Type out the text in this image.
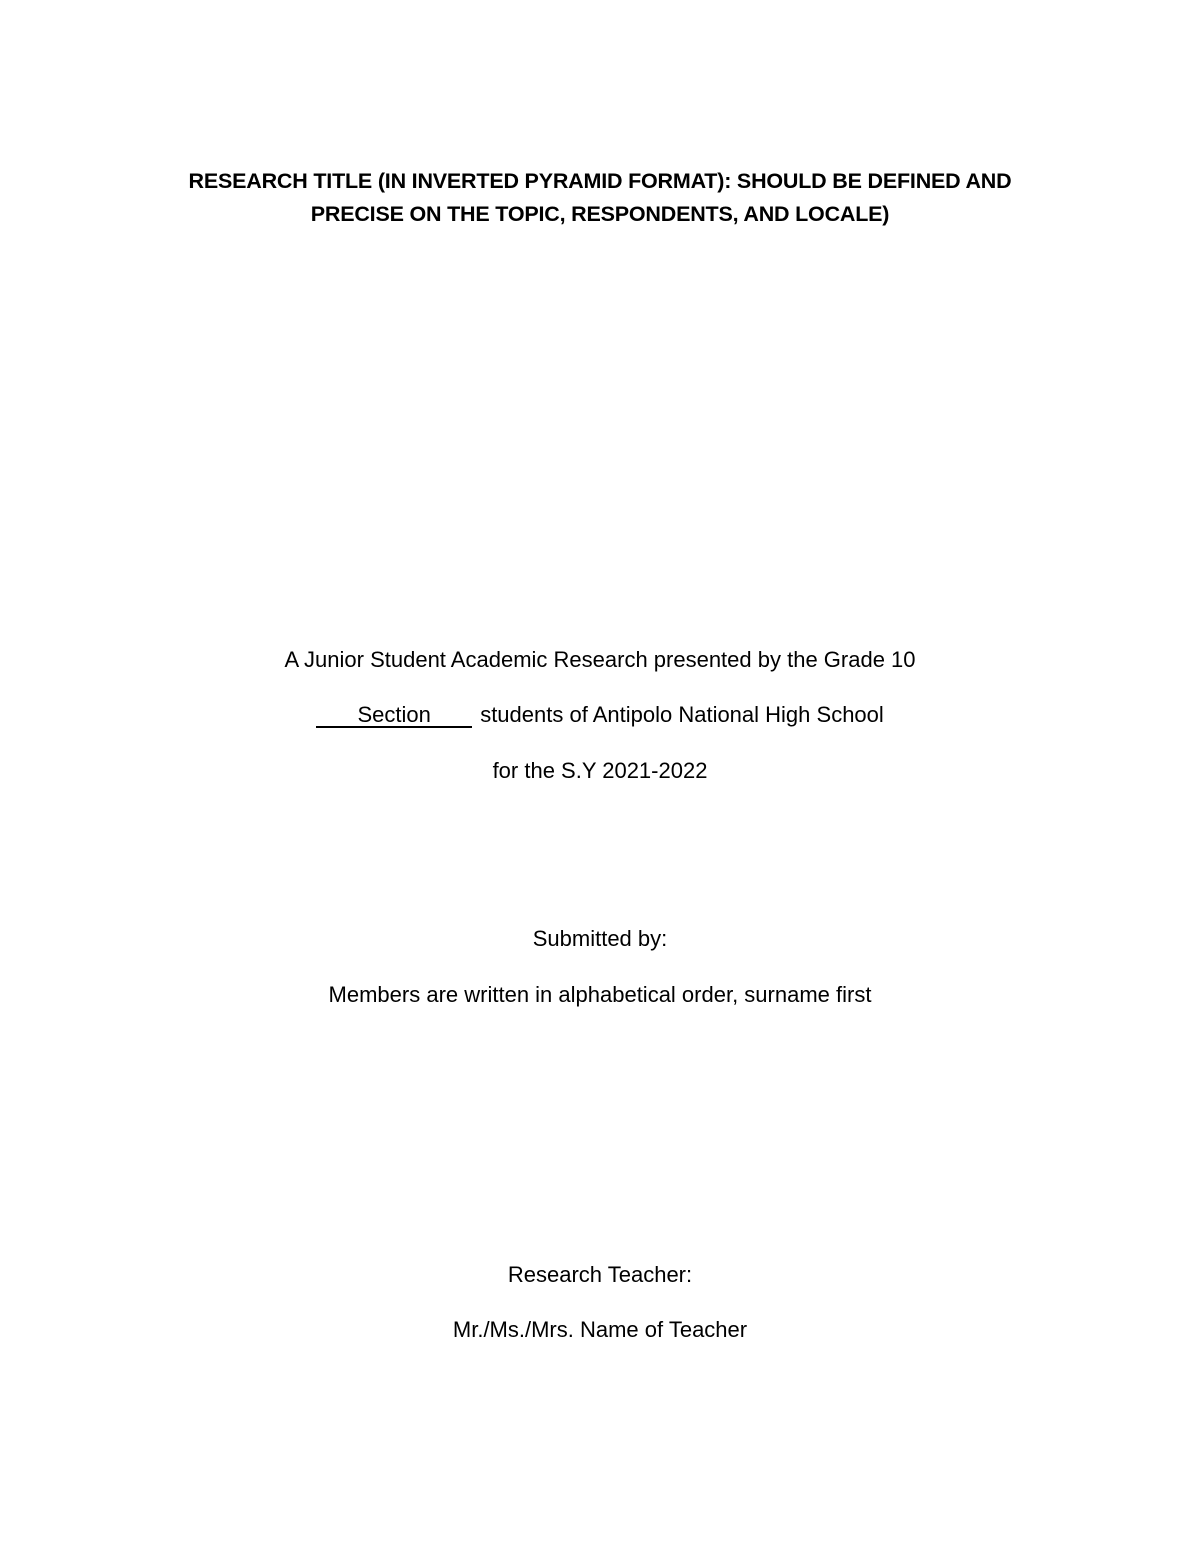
RESEARCH TITLE (IN INVERTED PYRAMID FORMAT): SHOULD BE DEFINED AND
PRECISE ON THE TOPIC, RESPONDENTS, AND LOCALE)
A Junior Student Academic Research presented by the Grade 10
Section students of Antipolo National High School
for the S.Y 2021-2022
Submitted by:
Members are written in alphabetical order, surname first
Research Teacher:
Mr./Ms./Mrs. Name of Teacher
